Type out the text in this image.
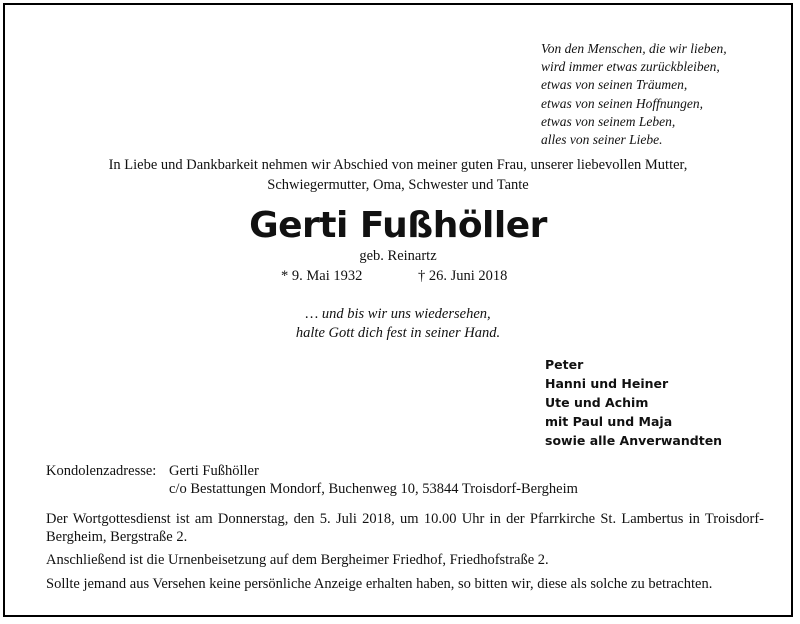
Von den Menschen, die wir lieben,
wird immer etwas zurückbleiben,
etwas von seinen Träumen,
etwas von seinen Hoffnungen,
etwas von seinem Leben,
alles von seiner Liebe.
In Liebe und Dankbarkeit nehmen wir Abschied von meiner guten Frau, unserer liebevollen Mutter,
Schwiegermutter, Oma, Schwester und Tante
Gerti Fußhöller
geb. Reinartz
* 9. Mai 1932	† 26. Juni 2018
… und bis wir uns wiedersehen,
halte Gott dich fest in seiner Hand.
Peter
Hanni und Heiner
Ute und Achim
mit Paul und Maja
sowie alle Anverwandten
Kondolenzadresse: Gerti Fußhöller
c/o Bestattungen Mondorf, Buchenweg 10, 53844 Troisdorf-Bergheim
Der Wortgottesdienst ist am Donnerstag, den 5. Juli 2018, um 10.00 Uhr in der Pfarrkirche St. Lambertus in Troisdorf-Bergheim, Bergstraße 2.
Anschließend ist die Urnenbeisetzung auf dem Bergheimer Friedhof, Friedhofstraße 2.
Sollte jemand aus Versehen keine persönliche Anzeige erhalten haben, so bitten wir, diese als solche zu betrachten.
